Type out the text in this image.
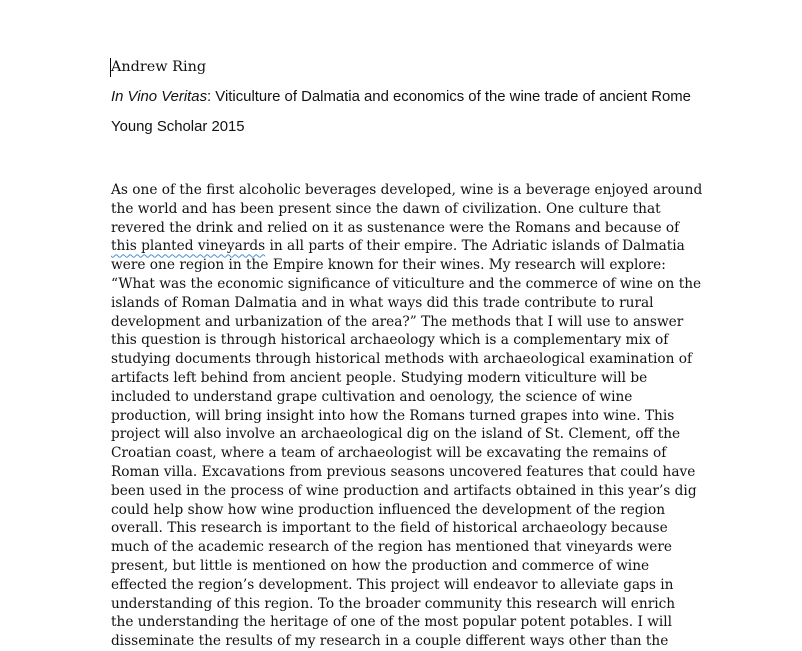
Andrew Ring
In Vino Veritas: Viticulture of Dalmatia and economics of the wine trade of ancient Rome
Young Scholar 2015
As one of the first alcoholic beverages developed, wine is a beverage enjoyed around
the world and has been present since the dawn of civilization. One culture that
revered the drink and relied on it as sustenance were the Romans and because of
this planted vineyards in all parts of their empire. The Adriatic islands of Dalmatia
were one region in the Empire known for their wines. My research will explore:
“What was the economic significance of viticulture and the commerce of wine on the
islands of Roman Dalmatia and in what ways did this trade contribute to rural
development and urbanization of the area?” The methods that I will use to answer
this question is through historical archaeology which is a complementary mix of
studying documents through historical methods with archaeological examination of
artifacts left behind from ancient people. Studying modern viticulture will be
included to understand grape cultivation and oenology, the science of wine
production, will bring insight into how the Romans turned grapes into wine. This
project will also involve an archaeological dig on the island of St. Clement, off the
Croatian coast, where a team of archaeologist will be excavating the remains of
Roman villa. Excavations from previous seasons uncovered features that could have
been used in the process of wine production and artifacts obtained in this year’s dig
could help show how wine production influenced the development of the region
overall. This research is important to the field of historical archaeology because
much of the academic research of the region has mentioned that vineyards were
present, but little is mentioned on how the production and commerce of wine
effected the region’s development. This project will endeavor to alleviate gaps in
understanding of this region. To the broader community this research will enrich
the understanding the heritage of one of the most popular potent potables. I will
disseminate the results of my research in a couple different ways other than the
